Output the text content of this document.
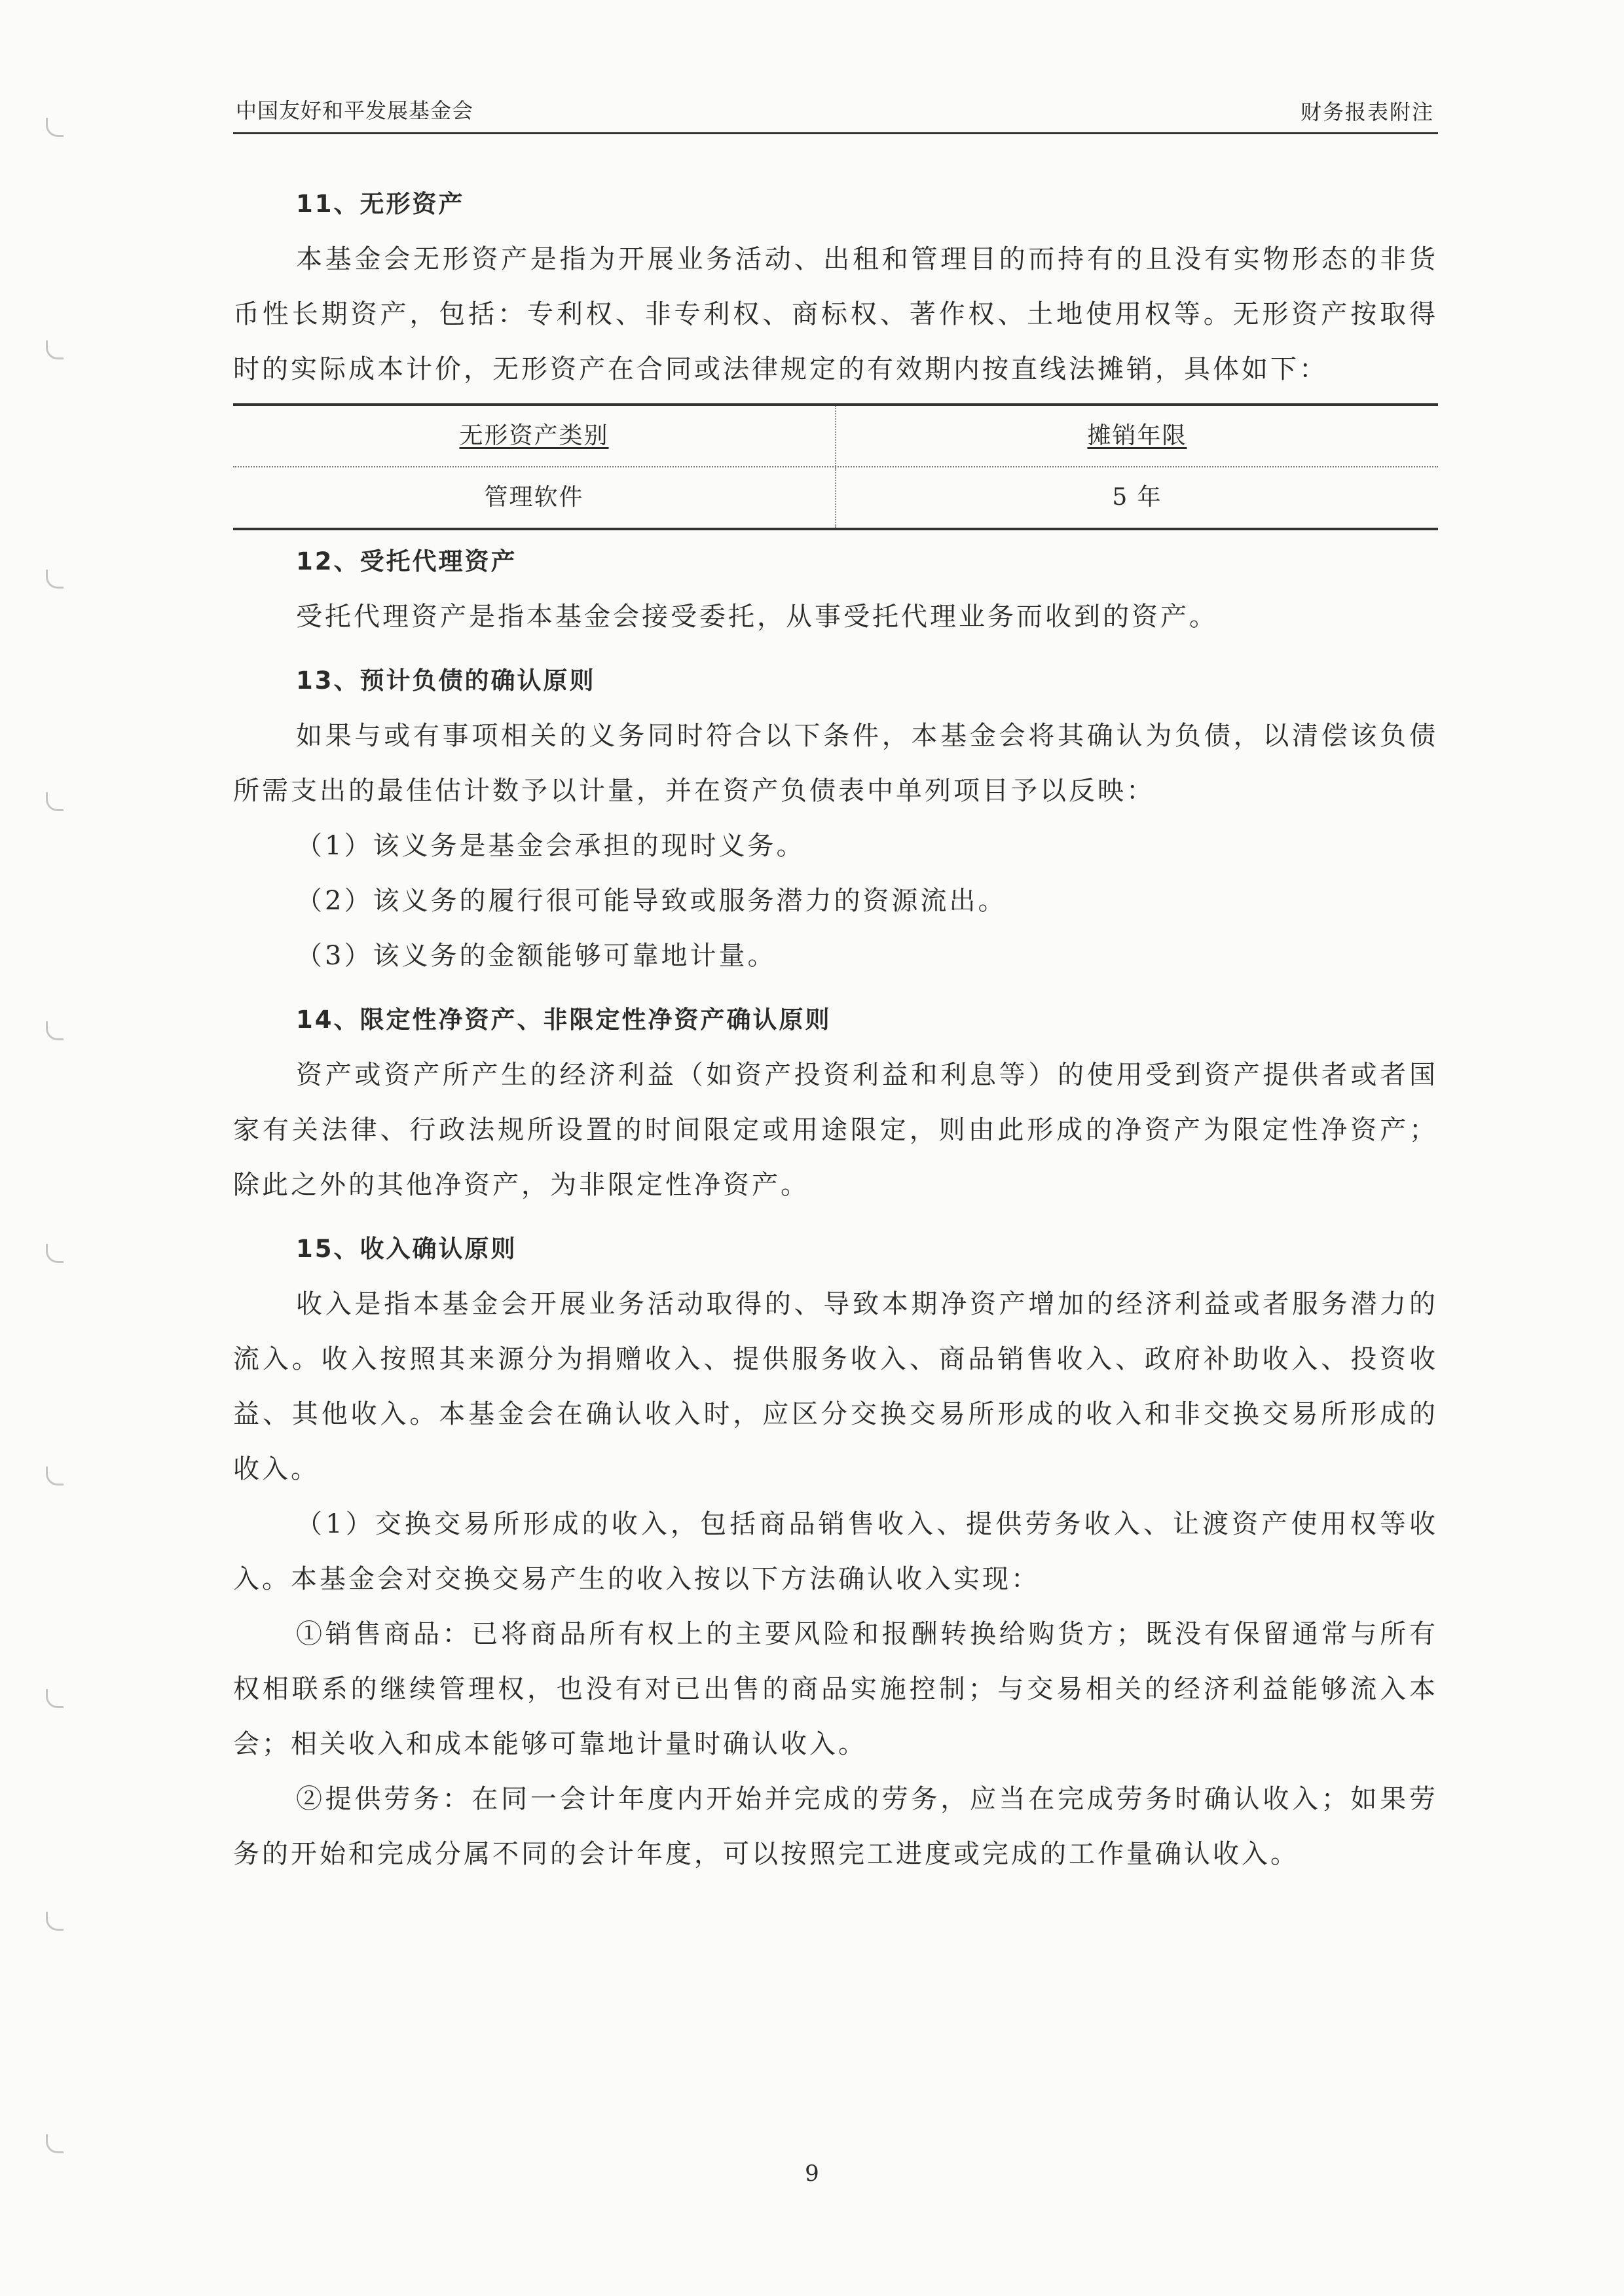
中国友好和平发展基金会	财务报表附注
11、无形资产

本基金会无形资产是指为开展业务活动、出租和管理目的而持有的且没有实物形态的非货币性长期资产，包括：专利权、非专利权、商标权、著作权、土地使用权等。无形资产按取得时的实际成本计价，无形资产在合同或法律规定的有效期内按直线法摊销，具体如下：

无形资产类别	摊销年限
管理软件	5 年
12、受托代理资产

受托代理资产是指本基金会接受委托，从事受托代理业务而收到的资产。

13、预计负债的确认原则

如果与或有事项相关的义务同时符合以下条件，本基金会将其确认为负债，以清偿该负债所需支出的最佳估计数予以计量，并在资产负债表中单列项目予以反映：

（1）该义务是基金会承担的现时义务。

（2）该义务的履行很可能导致或服务潜力的资源流出。

（3）该义务的金额能够可靠地计量。

14、限定性净资产、非限定性净资产确认原则

资产或资产所产生的经济利益（如资产投资利益和利息等）的使用受到资产提供者或者国家有关法律、行政法规所设置的时间限定或用途限定，则由此形成的净资产为限定性净资产；除此之外的其他净资产，为非限定性净资产。

15、收入确认原则

收入是指本基金会开展业务活动取得的、导致本期净资产增加的经济利益或者服务潜力的流入。收入按照其来源分为捐赠收入、提供服务收入、商品销售收入、政府补助收入、投资收益、其他收入。本基金会在确认收入时，应区分交换交易所形成的收入和非交换交易所形成的收入。

（1）交换交易所形成的收入，包括商品销售收入、提供劳务收入、让渡资产使用权等收入。本基金会对交换交易产生的收入按以下方法确认收入实现：

①销售商品：已将商品所有权上的主要风险和报酬转换给购货方；既没有保留通常与所有权相联系的继续管理权，也没有对已出售的商品实施控制；与交易相关的经济利益能够流入本会；相关收入和成本能够可靠地计量时确认收入。

②提供劳务：在同一会计年度内开始并完成的劳务，应当在完成劳务时确认收入；如果劳务的开始和完成分属不同的会计年度，可以按照完工进度或完成的工作量确认收入。

9
